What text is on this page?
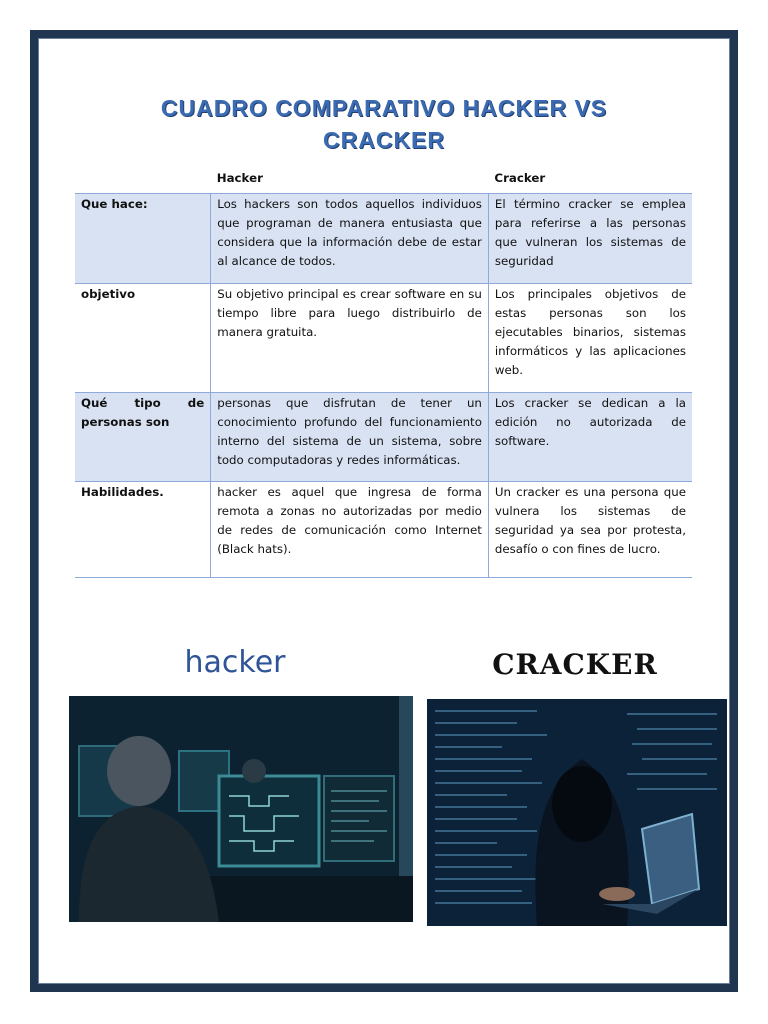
CUADRO COMPARATIVO HACKER VS CRACKER
	Hacker	Cracker
Que hace:	Los hackers son todos aquellos individuos que programan de manera entusiasta que considera que la información debe de estar al alcance de todos.	El término cracker se emplea para referirse a las personas que vulneran los sistemas de seguridad
objetivo	Su objetivo principal es crear software en su tiempo libre para luego distribuirlo de manera gratuita.	Los principales objetivos de estas personas son los ejecutables binarios, sistemas informáticos y las aplicaciones web.
Qué tipo de personas son	personas que disfrutan de tener un conocimiento profundo del funcionamiento interno del sistema de un sistema, sobre todo computadoras y redes informáticas.	Los cracker se dedican a la edición no autorizada de software.
Habilidades.	hacker es aquel que ingresa de forma remota a zonas no autorizadas por medio de redes de comunicación como Internet (Black hats).	Un cracker es una persona que vulnera los sistemas de seguridad ya sea por protesta, desafío o con fines de lucro.
hacker	CRACKER
